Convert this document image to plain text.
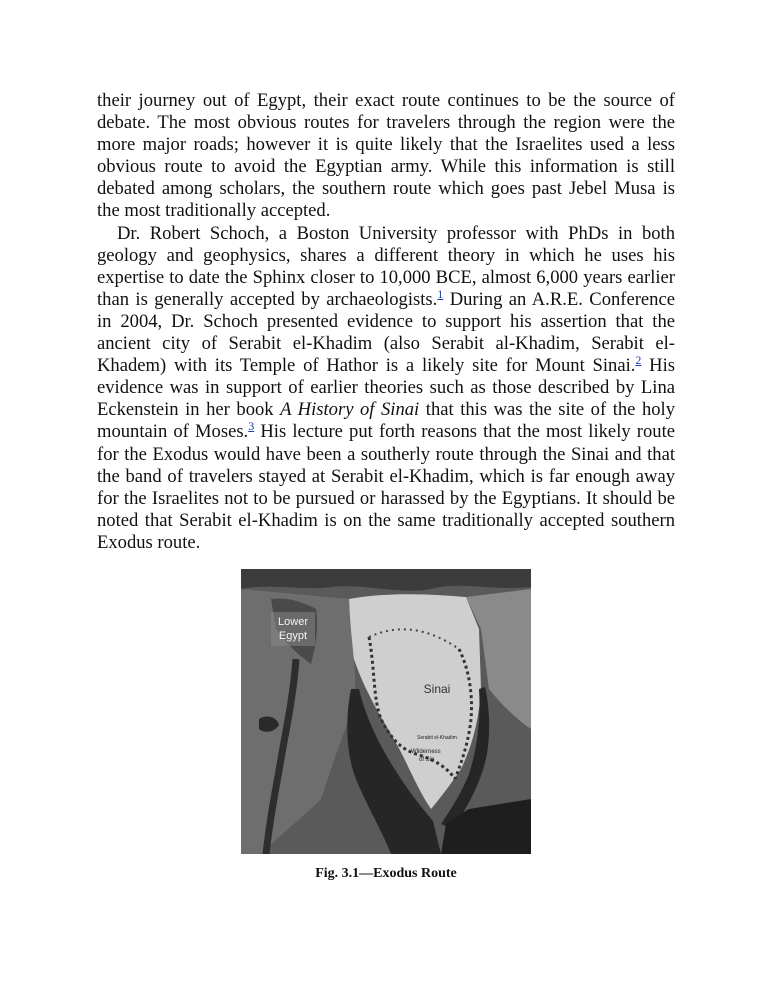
their journey out of Egypt, their exact route continues to be the source of debate. The most obvious routes for travelers through the region were the more major roads; however it is quite likely that the Israelites used a less obvious route to avoid the Egyptian army. While this information is still debated among scholars, the southern route which goes past Jebel Musa is the most traditionally accepted.

Dr. Robert Schoch, a Boston University professor with PhDs in both geology and geophysics, shares a different theory in which he uses his expertise to date the Sphinx closer to 10,000 BCE, almost 6,000 years earlier than is generally accepted by archaeologists.$^1$ During an A.R.E. Conference in 2004, Dr. Schoch presented evidence to support his assertion that the ancient city of Serabit el-Khadim (also Serabit al-Khadim, Serabit el-Khadem) with its Temple of Hathor is a likely site for Mount Sinai.$^2$ His evidence was in support of earlier theories such as those described by Lina Eckenstein in her book A History of Sinai that this was the site of the holy mountain of Moses.$^3$ His lecture put forth reasons that the most likely route for the Exodus would have been a southerly route through the Sinai and that the band of travelers stayed at Serabit el-Khadim, which is far enough away for the Israelites not to be pursued or harassed by the Egyptians. It should be noted that Serabit el-Khadim is on the same traditionally accepted southern Exodus route.

Lower
Egypt
Sinai
Serabit el-Khadim
Wilderness
of Sin
Fig. 3.1—Exodus Route
